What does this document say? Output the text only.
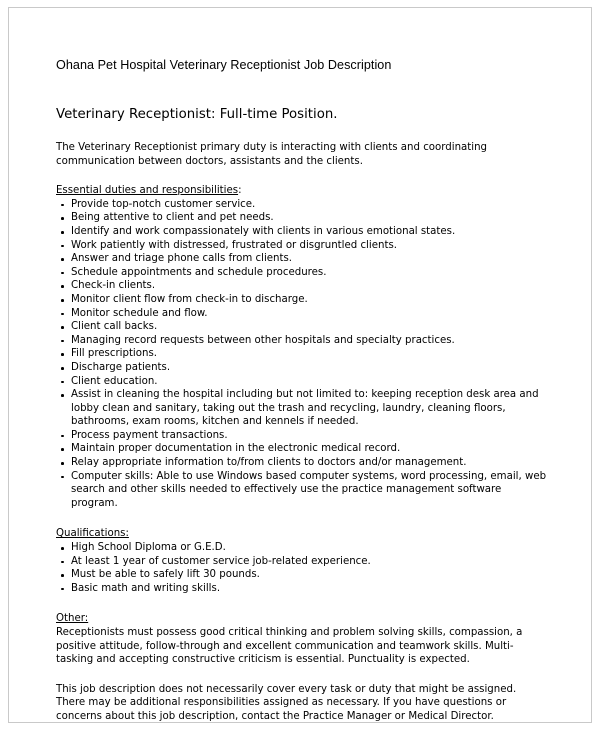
Ohana Pet Hospital Veterinary Receptionist Job Description
Veterinary Receptionist: Full-time Position.

The Veterinary Receptionist primary duty is interacting with clients and coordinating communication between doctors, assistants and the clients.

Essential duties and responsibilities:
Provide top-notch customer service.
Being attentive to client and pet needs.
Identify and work compassionately with clients in various emotional states.
Work patiently with distressed, frustrated or disgruntled clients.
Answer and triage phone calls from clients.
Schedule appointments and schedule procedures.
Check-in clients.
Monitor client flow from check-in to discharge.
Monitor schedule and flow.
Client call backs.
Managing record requests between other hospitals and specialty practices.
Fill prescriptions.
Discharge patients.
Client education.
Assist in cleaning the hospital including but not limited to: keeping reception desk area and lobby clean and sanitary, taking out the trash and recycling, laundry, cleaning floors, bathrooms, exam rooms, kitchen and kennels if needed.
Process payment transactions.
Maintain proper documentation in the electronic medical record.
Relay appropriate information to/from clients to doctors and/or management.
Computer skills: Able to use Windows based computer systems, word processing, email, web search and other skills needed to effectively use the practice management software program.
Qualifications:
High School Diploma or G.E.D.
At least 1 year of customer service job-related experience.
Must be able to safely lift 30 pounds.
Basic math and writing skills.
Other:

Receptionists must possess good critical thinking and problem solving skills, compassion, a positive attitude, follow-through and excellent communication and teamwork skills. Multi-tasking and accepting constructive criticism is essential. Punctuality is expected.

This job description does not necessarily cover every task or duty that might be assigned. There may be additional responsibilities assigned as necessary. If you have questions or concerns about this job description, contact the Practice Manager or Medical Director.
